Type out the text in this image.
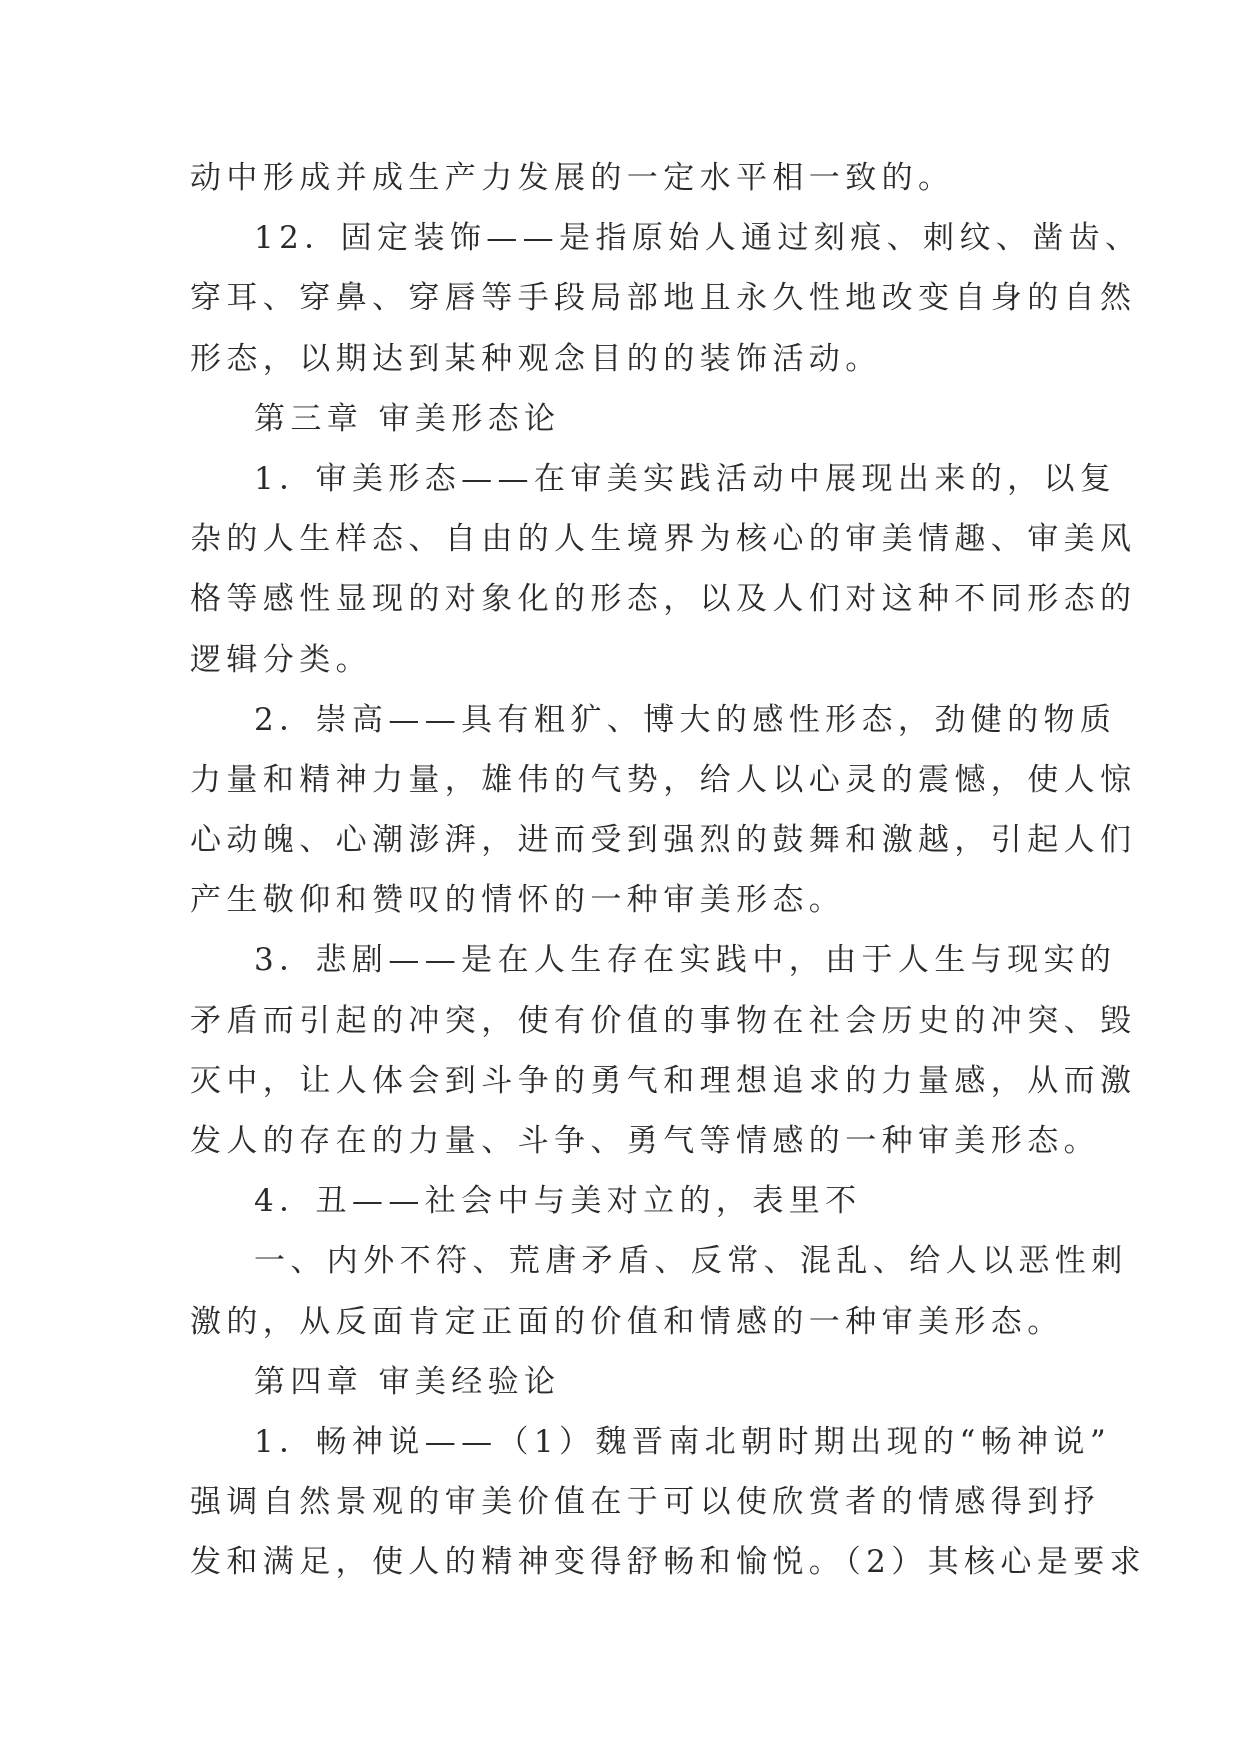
动中形成并成生产力发展的一定水平相一致的。
12．固定装饰——是指原始人通过刻痕、刺纹、凿齿、
穿耳、穿鼻、穿唇等手段局部地且永久性地改变自身的自然
形态，以期达到某种观念目的的装饰活动。
第三章 审美形态论
1．审美形态——在审美实践活动中展现出来的，以复
杂的人生样态、自由的人生境界为核心的审美情趣、审美风
格等感性显现的对象化的形态，以及人们对这种不同形态的
逻辑分类。
2．崇高——具有粗犷、博大的感性形态，劲健的物质
力量和精神力量，雄伟的气势，给人以心灵的震憾，使人惊
心动魄、心潮澎湃，进而受到强烈的鼓舞和激越，引起人们
产生敬仰和赞叹的情怀的一种审美形态。
3．悲剧——是在人生存在实践中，由于人生与现实的
矛盾而引起的冲突，使有价值的事物在社会历史的冲突、毁
灭中，让人体会到斗争的勇气和理想追求的力量感，从而激
发人的存在的力量、斗争、勇气等情感的一种审美形态。
4．丑——社会中与美对立的，表里不
一、内外不符、荒唐矛盾、反常、混乱、给人以恶性刺
激的，从反面肯定正面的价值和情感的一种审美形态。
第四章 审美经验论
1．畅神说——（1）魏晋南北朝时期出现的“畅神说”
强调自然景观的审美价值在于可以使欣赏者的情感得到抒
发和满足，使人的精神变得舒畅和愉悦。（2）其核心是要求
